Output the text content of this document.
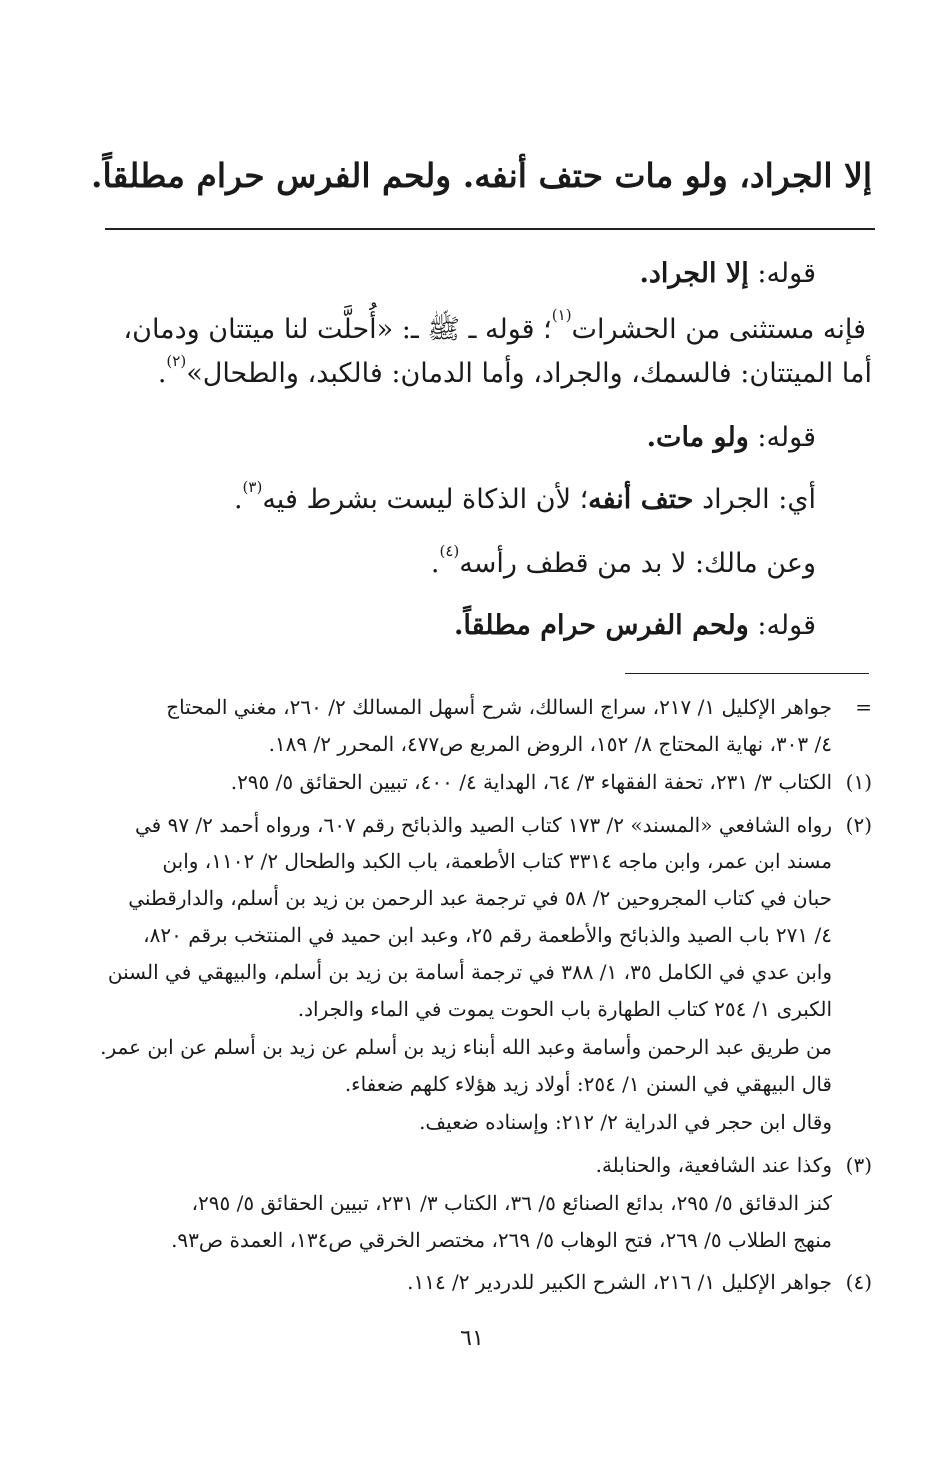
إلا الجراد، ولو مات حتف أنفه. ولحم الفرس حرام مطلقاً.
قوله: إلا الجراد.
فإنه مستثنى من الحشرات$^{(١)}$؛ قوله ـ ﷺ ـ: «أُحلَّت لنا ميتتان ودمان،
أما الميتتان: فالسمك، والجراد، وأما الدمان: فالكبد، والطحال»$^{(٢)}$.
قوله: ولو مات.
أي: الجراد حتف أنفه؛ لأن الذكاة ليست بشرط فيه$^{(٣)}$.
وعن مالك: لا بد من قطف رأسه$^{(٤)}$.
قوله: ولحم الفرس حرام مطلقاً.
=
جواهر الإكليل ١/ ٢١٧، سراج السالك، شرح أسهل المسالك ٢/ ٢٦٠، مغني المحتاج
٤/ ٣٠٣، نهاية المحتاج ٨/ ١٥٢، الروض المربع ص٤٧٧، المحرر ٢/ ١٨٩.
(١)
الكتاب ٣/ ٢٣١، تحفة الفقهاء ٣/ ٦٤، الهداية ٤/ ٤٠٠، تبيين الحقائق ٥/ ٢٩٥.
(٢)
رواه الشافعي «المسند» ٢/ ١٧٣ كتاب الصيد والذبائح رقم ٦٠٧، ورواه أحمد ٢/ ٩٧ في
مسند ابن عمر، وابن ماجه ٣٣١٤ كتاب الأطعمة، باب الكبد والطحال ٢/ ١١٠٢، وابن
حبان في كتاب المجروحين ٢/ ٥٨ في ترجمة عبد الرحمن بن زيد بن أسلم، والدارقطني
٤/ ٢٧١ باب الصيد والذبائح والأطعمة رقم ٢٥، وعبد ابن حميد في المنتخب برقم ٨٢٠،
وابن عدي في الكامل ٣٥، ١/ ٣٨٨ في ترجمة أسامة بن زيد بن أسلم، والبيهقي في السنن
الكبرى ١/ ٢٥٤ كتاب الطهارة باب الحوت يموت في الماء والجراد.
من طريق عبد الرحمن وأسامة وعبد الله أبناء زيد بن أسلم عن زيد بن أسلم عن ابن عمر.
قال البيهقي في السنن ١/ ٢٥٤: أولاد زيد هؤلاء كلهم ضعفاء.
وقال ابن حجر في الدراية ٢/ ٢١٢: وإسناده ضعيف.
(٣)
وكذا عند الشافعية، والحنابلة.
كنز الدقائق ٥/ ٢٩٥، بدائع الصنائع ٥/ ٣٦، الكتاب ٣/ ٢٣١، تبيين الحقائق ٥/ ٢٩٥،
منهج الطلاب ٥/ ٢٦٩، فتح الوهاب ٥/ ٢٦٩، مختصر الخرقي ص١٣٤، العمدة ص٩٣.
(٤)
جواهر الإكليل ١/ ٢١٦، الشرح الكبير للدردير ٢/ ١١٤.
٦١
